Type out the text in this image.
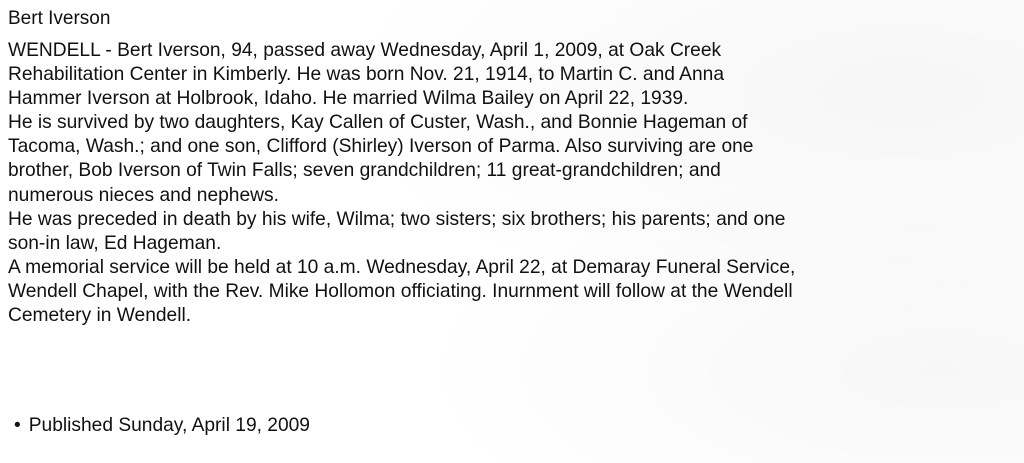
Bert Iverson

WENDELL - Bert Iverson, 94, passed away Wednesday, April 1, 2009, at Oak Creek

Rehabilitation Center in Kimberly. He was born Nov. 21, 1914, to Martin C. and Anna

Hammer Iverson at Holbrook, Idaho. He married Wilma Bailey on April 22, 1939.

He is survived by two daughters, Kay Callen of Custer, Wash., and Bonnie Hageman of

Tacoma, Wash.; and one son, Clifford (Shirley) Iverson of Parma. Also surviving are one

brother, Bob Iverson of Twin Falls; seven grandchildren; 11 great-grandchildren; and

numerous nieces and nephews.

He was preceded in death by his wife, Wilma; two sisters; six brothers; his parents; and one

son-in law, Ed Hageman.

A memorial service will be held at 10 a.m. Wednesday, April 22, at Demaray Funeral Service,

Wendell Chapel, with the Rev. Mike Hollomon officiating. Inurnment will follow at the Wendell

Cemetery in Wendell.

• Published Sunday, April 19, 2009
